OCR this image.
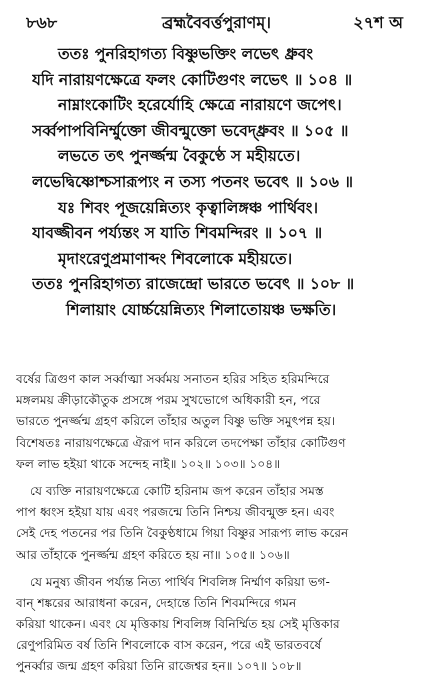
৮৬৮	ব্রহ্মবৈবর্ত্তপুরাণম্‌।	২৭শ অ
ততঃ পুনরিহাগত্য বিষ্ণুভক্তিং লভেৎ ধ্রুবং
যদি নারায়ণক্ষেত্রে ফলং কোটিগুণং লভেৎ ॥ ১০৪ ॥
নাম্নাংকোটিং হরের্যোহি ক্ষেত্রে নারায়ণে জপেৎ।
সর্ব্বপাপবিনির্ম্মুক্তো জীবন্মুক্তো ভবেদ্ধ্রুবং ॥ ১০৫ ॥
লভতে তৎ পুনর্জ্জন্ম বৈকুণ্ঠে স মহীয়তে।
লভেদ্বিষ্ণোশ্চসারূপ্যং ন তস্য পতনং ভবেৎ ॥ ১০৬ ॥
যঃ শিবং পূজয়েন্নিত্যং কৃত্বালিঙ্গঞ্চ পার্থিবং।
যাবজ্জীবন পর্য্যন্তং স যাতি শিবমন্দিরং ॥ ১০৭ ॥
মৃদাংরেণুপ্রমাণাব্দং শিবলোকে মহীয়তে।
ততঃ পুনরিহাগত্য রাজেন্দ্রো ভারতে ভবেৎ ॥ ১০৮ ॥
শিলায়াং যোর্চ্চয়েন্নিত্যং শিলাতোয়ঞ্চ ভক্ষতি।
বর্ষের ত্রিগুণ কাল সর্ব্বাত্মা সর্ব্বময় সনাতন হরির সহিত হরিমন্দিরে
মঙ্গলময় ক্রীড়াকৌতুক প্রসঙ্গে পরম সুখভোগে অধিকারী হন, পরে
ভারতে পুনর্জ্জন্ম গ্রহণ করিলে তাঁহার অতুল বিষ্ণু ভক্তি সমুৎপন্ন হয়।
বিশেষতঃ নারায়ণক্ষেত্রে ঐরূপ দান করিলে তদপেক্ষা তাঁহার কোটিগুণ
ফল লাভ হইয়া থাকে সন্দেহ নাই॥ ১০২॥ ১০৩॥ ১০৪॥
যে ব্যক্তি নারায়ণক্ষেত্রে কোটি হরিনাম জপ করেন তাঁহার সমস্ত
পাপ ধ্বংস হইয়া যায় এবং পরজন্মে তিনি নিশ্চয় জীবন্মুক্ত হন। এবং
সেই দেহ পতনের পর তিনি বৈকুণ্ঠধামে গিয়া বিষ্ণুর সারূপ্য লাভ করেন
আর তাঁহাকে পুনর্জ্জন্ম গ্রহণ করিতে হয় না॥ ১০৫॥ ১০৬॥
যে মনুষ্য জীবন পর্য্যন্ত নিত্য পার্থিব শিবলিঙ্গ নির্ম্মাণ করিয়া ভগ-
বান্‌ শঙ্করের আরাধনা করেন, দেহান্তে তিনি শিবমন্দিরে গমন
করিয়া থাকেন। এবং যে মৃত্তিকায় শিবলিঙ্গ বিনির্ম্মিত হয় সেই মৃত্তিকার
রেণুপরিমিত বর্ষ তিনি শিবলোকে বাস করেন, পরে এই ভারতবর্ষে
পুনর্ব্বার জন্ম গ্রহণ করিয়া তিনি রাজেশ্বর হন॥ ১০৭॥ ১০৮॥
